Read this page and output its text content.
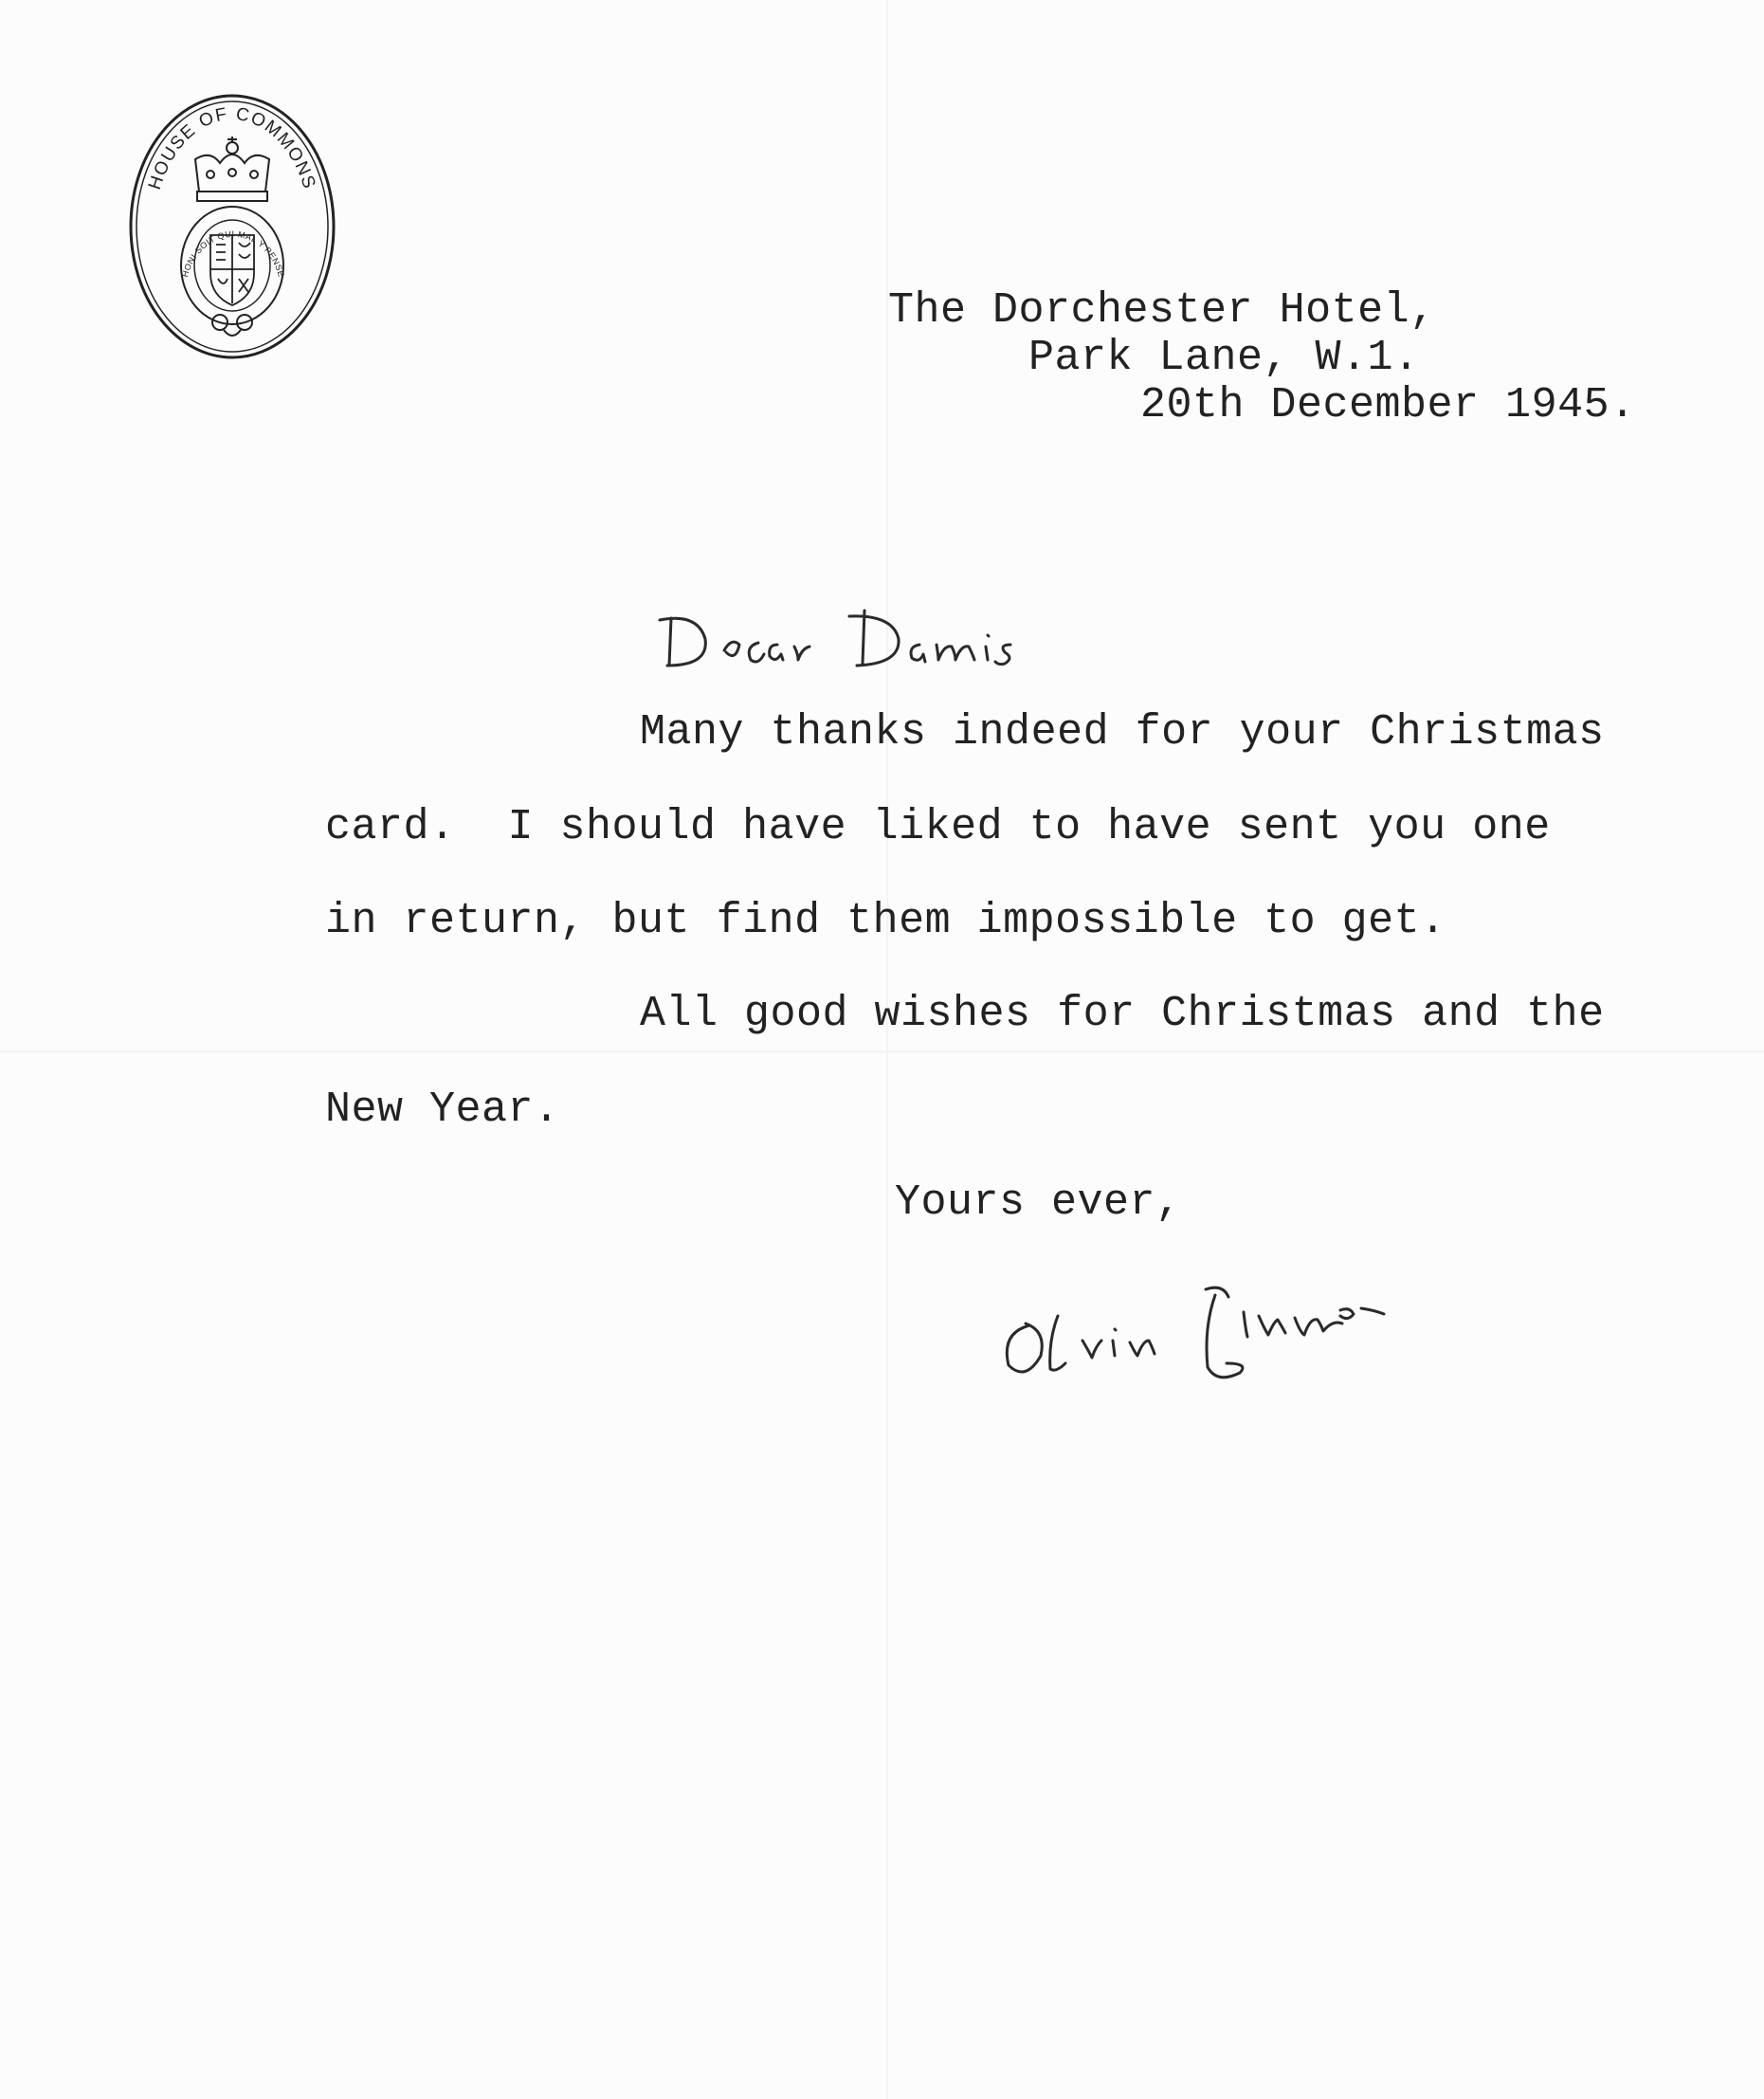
HOUSE OF COMMONS
HONI SOIT QUI MAL Y PENSE
The Dorchester Hotel,
Park Lane, W.1.
20th December 1945.
Many thanks indeed for your Christmas
card.  I should have liked to have sent you one
in return, but find them impossible to get.
All good wishes for Christmas and the
New Year.
Yours ever,
